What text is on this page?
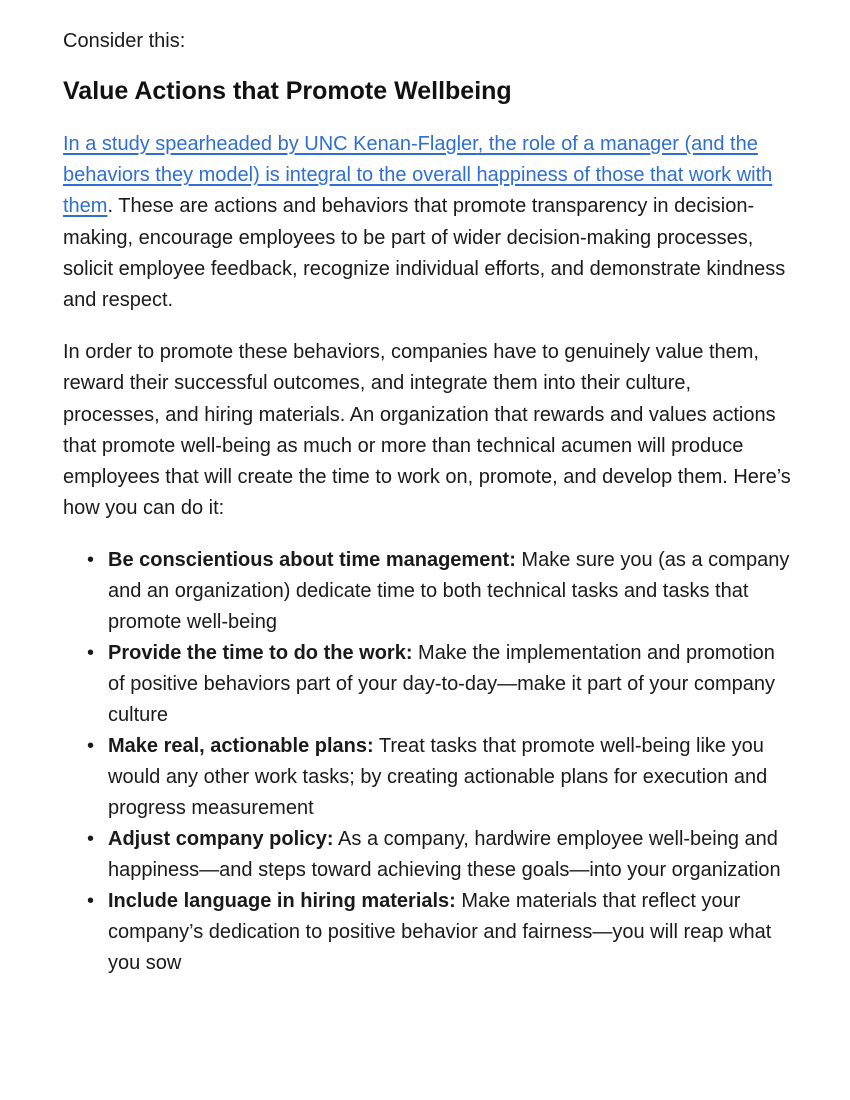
Consider this:

Value Actions that Promote Wellbeing

In a study spearheaded by UNC Kenan-Flagler, the role of a manager (and the behaviors they model) is integral to the overall happiness of those that work with them. These are actions and behaviors that promote transparency in decision-making, encourage employees to be part of wider decision-making processes, solicit employee feedback, recognize individual efforts, and demonstrate kindness and respect.

In order to promote these behaviors, companies have to genuinely value them, reward their successful outcomes, and integrate them into their culture, processes, and hiring materials. An organization that rewards and values actions that promote well-being as much or more than technical acumen will produce employees that will create the time to work on, promote, and develop them. Here’s how you can do it:

• Be conscientious about time management: Make sure you (as a company and an organization) dedicate time to both technical tasks and tasks that promote well-being
• Provide the time to do the work: Make the implementation and promotion of positive behaviors part of your day-to-day—make it part of your company culture
• Make real, actionable plans: Treat tasks that promote well-being like you would any other work tasks; by creating actionable plans for execution and progress measurement
• Adjust company policy: As a company, hardwire employee well-being and happiness—and steps toward achieving these goals—into your organization
• Include language in hiring materials: Make materials that reflect your company’s dedication to positive behavior and fairness—you will reap what you sow
